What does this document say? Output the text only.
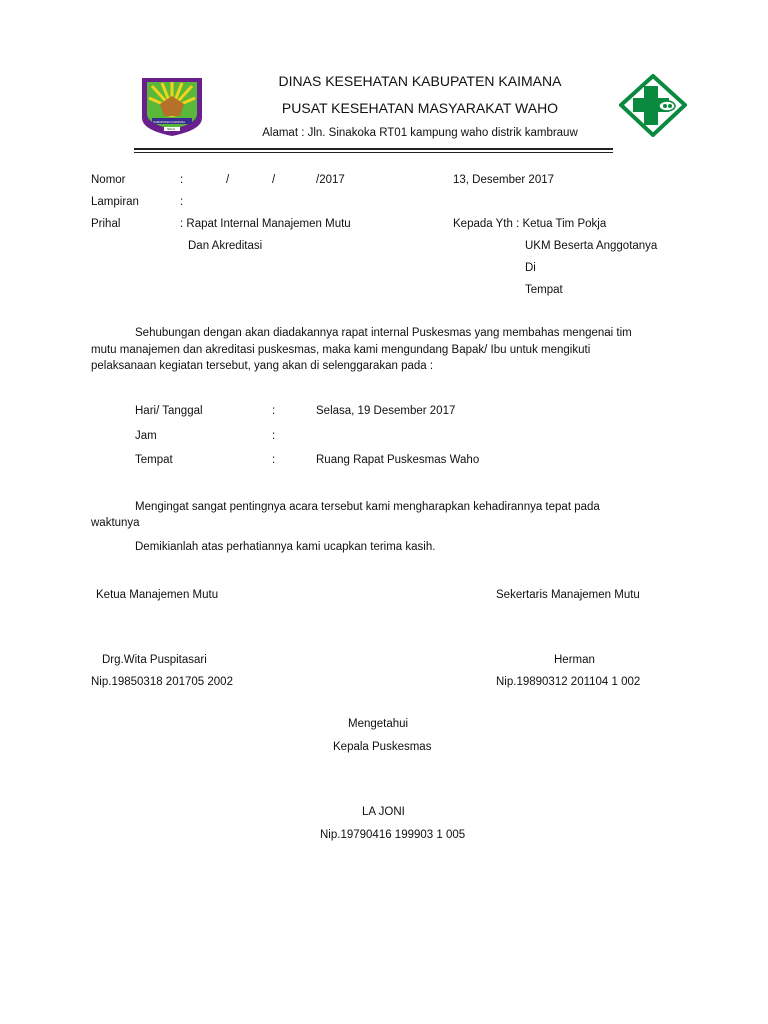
KABUPATEN KAIMANA
SENJA
DINAS KESEHATAN KABUPATEN KAIMANA
PUSAT KESEHATAN MASYARAKAT WAHO
Alamat : Jln. Sinakoka RT01 kampung waho distrik kambrauw
Nomor	:	/	/	/2017	13, Desember 2017
Lampiran	:
Prihal	: Rapat Internal Manajemen Mutu
Dan Akreditasi
Kepada Yth : Ketua Tim Pokja
UKM Beserta Anggotanya
Di
Tempat
Sehubungan dengan akan diadakannya rapat internal Puskesmas yang membahas mengenai tim
mutu manajemen dan akreditasi puskesmas, maka kami mengundang Bapak/ Ibu untuk mengikuti
pelaksanaan kegiatan tersebut, yang akan di selenggarakan pada :
Hari/ Tanggal	:	Selasa, 19 Desember 2017
Jam	:
Tempat	:	Ruang Rapat Puskesmas Waho
Mengingat sangat pentingnya acara tersebut kami mengharapkan kehadirannya tepat pada
waktunya
Demikianlah atas perhatiannya kami ucapkan terima kasih.
Ketua Manajemen Mutu	Sekertaris Manajemen Mutu
Drg.Wita Puspitasari	Herman
Nip.19850318 201705 2002	Nip.19890312 201104 1 002
Mengetahui
Kepala Puskesmas
LA JONI
Nip.19790416 199903 1 005
